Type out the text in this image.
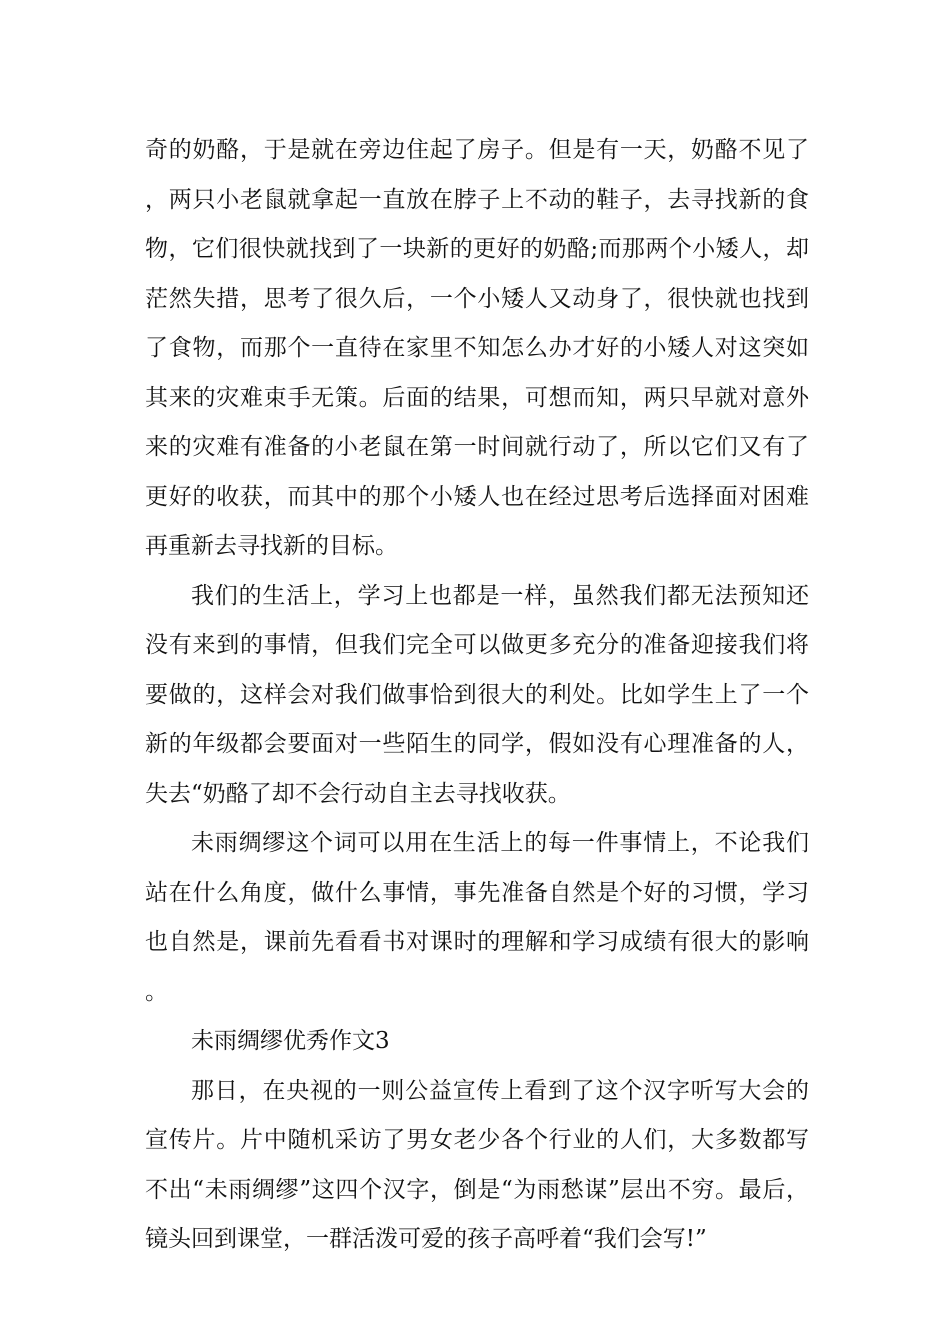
奇的奶酪，于是就在旁边住起了房子。但是有一天，奶酪不见了，两只小老鼠就拿起一直放在脖子上不动的鞋子，去寻找新的食物，它们很快就找到了一块新的更好的奶酪;而那两个小矮人，却茫然失措，思考了很久后，一个小矮人又动身了，很快就也找到了食物，而那个一直待在家里不知怎么办才好的小矮人对这突如其来的灾难束手无策。后面的结果，可想而知，两只早就对意外来的灾难有准备的小老鼠在第一时间就行动了，所以它们又有了更好的收获，而其中的那个小矮人也在经过思考后选择面对困难再重新去寻找新的目标。

我们的生活上，学习上也都是一样，虽然我们都无法预知还没有来到的事情，但我们完全可以做更多充分的准备迎接我们将要做的，这样会对我们做事恰到很大的利处。比如学生上了一个新的年级都会要面对一些陌生的同学，假如没有心理准备的人，失去“奶酪了却不会行动自主去寻找收获。

未雨绸缪这个词可以用在生活上的每一件事情上，不论我们站在什么角度，做什么事情，事先准备自然是个好的习惯，学习也自然是，课前先看看书对课时的理解和学习成绩有很大的影响。

未雨绸缪优秀作文3

那日，在央视的一则公益宣传上看到了这个汉字听写大会的宣传片。片中随机采访了男女老少各个行业的人们，大多数都写不出“未雨绸缪”这四个汉字，倒是“为雨愁谋”层出不穷。最后，镜头回到课堂，一群活泼可爱的孩子高呼着“我们会写!”
